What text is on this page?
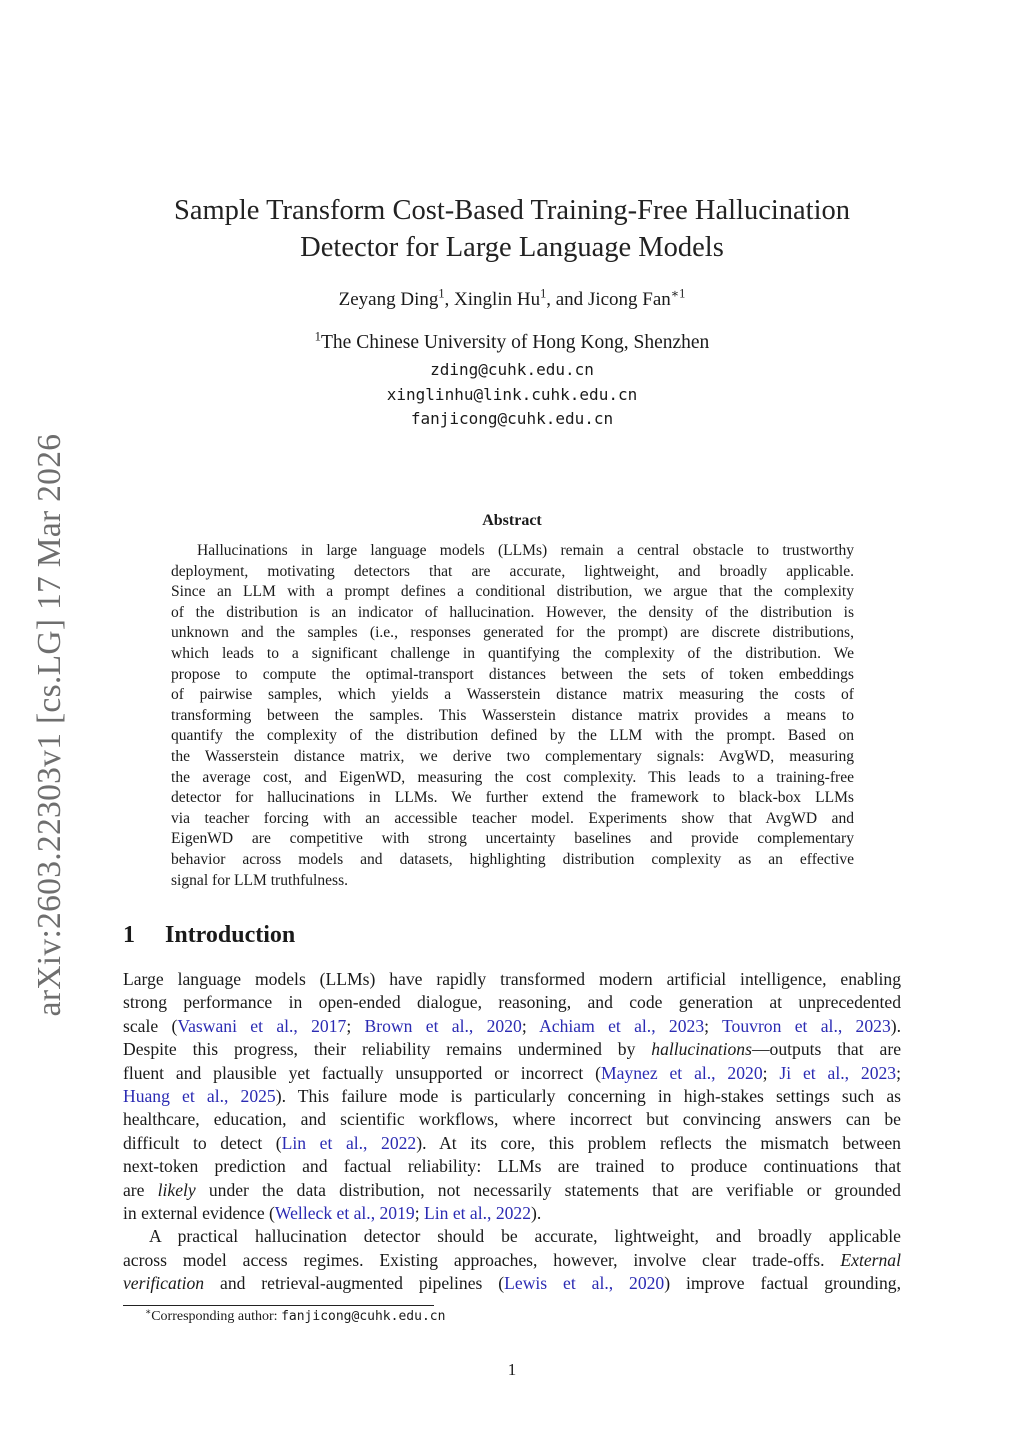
arXiv:2603.22303v1 [cs.LG] 17 Mar 2026
Sample Transform Cost-Based Training-Free Hallucination
Detector for Large Language Models
Zeyang Ding$^1$, Xinglin Hu$^1$, and Jicong Fan$^{∗1}$
$^1$The Chinese University of Hong Kong, Shenzhen
zding@cuhk.edu.cn
xinglinhu@link.cuhk.edu.cn
fanjicong@cuhk.edu.cn
Abstract
Hallucinations in large language models (LLMs) remain a central obstacle to trustworthy
deployment, motivating detectors that are accurate, lightweight, and broadly applicable.
Since an LLM with a prompt defines a conditional distribution, we argue that the complexity
of the distribution is an indicator of hallucination. However, the density of the distribution is
unknown and the samples (i.e., responses generated for the prompt) are discrete distributions,
which leads to a significant challenge in quantifying the complexity of the distribution. We
propose to compute the optimal-transport distances between the sets of token embeddings
of pairwise samples, which yields a Wasserstein distance matrix measuring the costs of
transforming between the samples. This Wasserstein distance matrix provides a means to
quantify the complexity of the distribution defined by the LLM with the prompt. Based on
the Wasserstein distance matrix, we derive two complementary signals: AvgWD, measuring
the average cost, and EigenWD, measuring the cost complexity. This leads to a training-free
detector for hallucinations in LLMs. We further extend the framework to black-box LLMs
via teacher forcing with an accessible teacher model. Experiments show that AvgWD and
EigenWD are competitive with strong uncertainty baselines and provide complementary
behavior across models and datasets, highlighting distribution complexity as an effective
signal for LLM truthfulness.
1 Introduction
Large language models (LLMs) have rapidly transformed modern artificial intelligence, enabling
strong performance in open-ended dialogue, reasoning, and code generation at unprecedented
scale (Vaswani et al., 2017; Brown et al., 2020; Achiam et al., 2023; Touvron et al., 2023).
Despite this progress, their reliability remains undermined by hallucinations—outputs that are
fluent and plausible yet factually unsupported or incorrect (Maynez et al., 2020; Ji et al., 2023;
Huang et al., 2025). This failure mode is particularly concerning in high-stakes settings such as
healthcare, education, and scientific workflows, where incorrect but convincing answers can be
difficult to detect (Lin et al., 2022). At its core, this problem reflects the mismatch between
next-token prediction and factual reliability: LLMs are trained to produce continuations that
are likely under the data distribution, not necessarily statements that are verifiable or grounded
in external evidence (Welleck et al., 2019; Lin et al., 2022).
A practical hallucination detector should be accurate, lightweight, and broadly applicable
across model access regimes. Existing approaches, however, involve clear trade-offs. External
verification and retrieval-augmented pipelines (Lewis et al., 2020) improve factual grounding,
∗Corresponding author: fanjicong@cuhk.edu.cn
1
